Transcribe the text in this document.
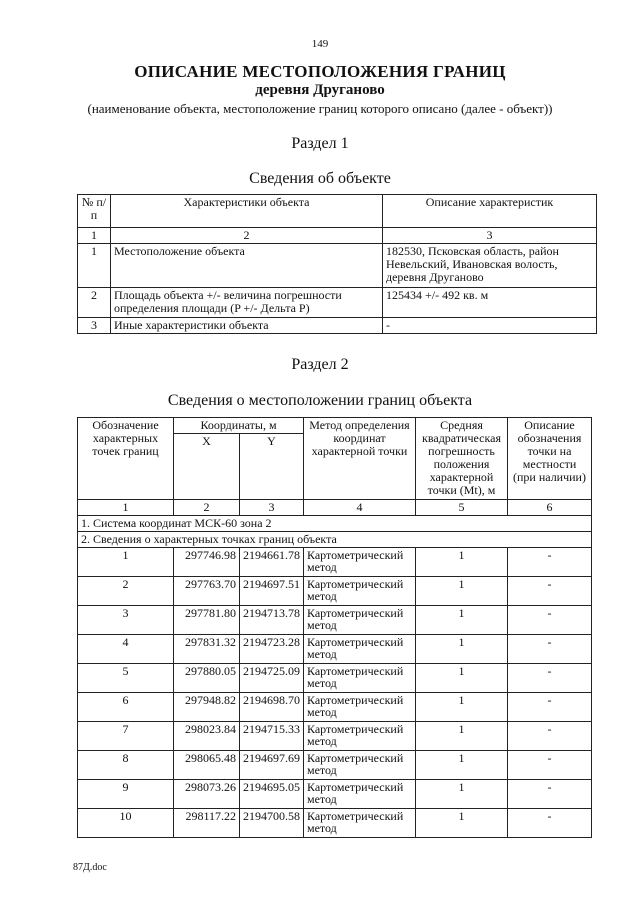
149
ОПИСАНИЕ МЕСТОПОЛОЖЕНИЯ ГРАНИЦ
деревня Друганово
(наименование объекта, местоположение границ которого описано (далее - объект))
Раздел 1
Сведения об объекте
№ п/п	Характеристики объекта	Описание характеристик
1	2	3
1	Местоположение объекта	182530, Псковская область, район Невельский, Ивановская волость, деревня Друганово
2	Площадь объекта +/- величина погрешности определения площади (P +/- Дельта P)	125434 +/- 492 кв. м
3	Иные характеристики объекта	-
Раздел 2
Сведения о местоположении границ объекта
Обозначение характерных точек границ	Координаты, м		Метод определения координат характерной точки	Средняя квадратическая погрешность положения характерной точки (Mt), м	Описание обозначения точки на местности (при наличии)
	X	Y			
1	2	3	4	5	6
1. Система координат МСК-60 зона 2					
2. Сведения о характерных точках границ объекта					
1	297746.98	2194661.78	Картометрический метод	1	-
2	297763.70	2194697.51	Картометрический метод	1	-
3	297781.80	2194713.78	Картометрический метод	1	-
4	297831.32	2194723.28	Картометрический метод	1	-
5	297880.05	2194725.09	Картометрический метод	1	-
6	297948.82	2194698.70	Картометрический метод	1	-
7	298023.84	2194715.33	Картометрический метод	1	-
8	298065.48	2194697.69	Картометрический метод	1	-
9	298073.26	2194695.05	Картометрический метод	1	-
10	298117.22	2194700.58	Картометрический метод	1	-
87Д.doc
